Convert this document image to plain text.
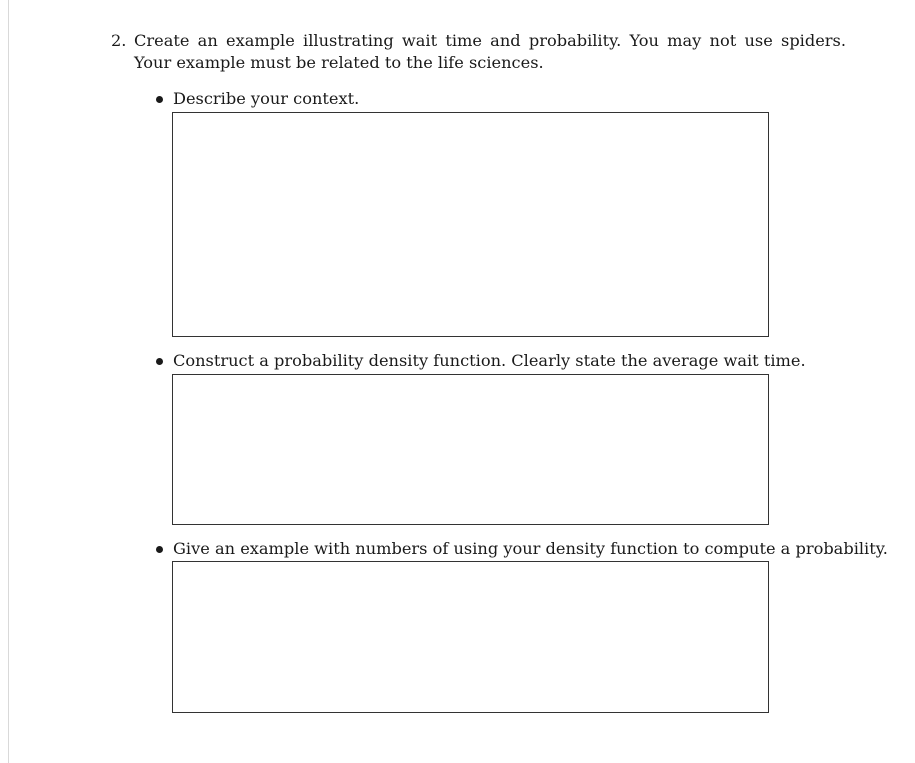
2. Create an example illustrating wait time and probability. You may not use spiders. Your example must be related to the life sciences.
Describe your context.
Construct a probability density function. Clearly state the average wait time.
Give an example with numbers of using your density function to compute a probability.
